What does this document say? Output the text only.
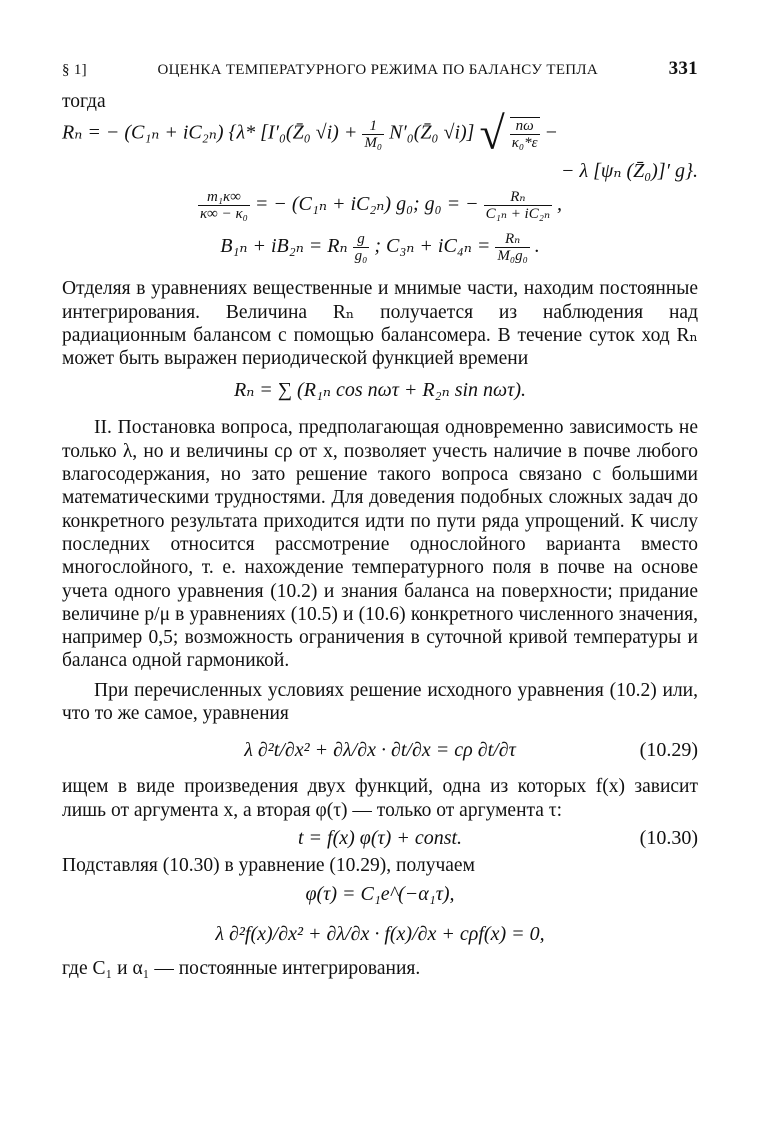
§ 1]	ОЦЕНКА ТЕМПЕРАТУРНОГО РЕЖИМА ПО БАЛАНСУ ТЕПЛА	331

тогда

Rₙ = − (C₁ₙ + iC₂ₙ) {λ* [I′₀(Z̄₀ $√i) + \frac{1}{\text{M₀}}$ N′₀(Z̄₀ √i)] √ $\frac{n\omega}{\text{κ₀*ε}}$ −

− λ [ψₙ (Z̄₀)]′ g}.

$\frac{\text{m₁κ∞}}{\text{κ∞ − κ₀}}$ = − (C₁ₙ + iC₂ₙ) g₀; g₀ = − $\frac{\text{Rₙ}}{\text{C₁ₙ + iC₂ₙ}}$ ,

B₁ₙ + iB₂ₙ = Rₙ $\frac{g}{\text{g₀}}$ ; $C_{3n} + iC_{4n} = \frac{\text{Rₙ}}{\text{M₀g₀}}$ .

Отделяя в уравнениях вещественные и мнимые части, находим постоянные интегрирования. Величина Rₙ получается из наблюдения над радиационным балансом с помощью балансомера. В течение суток ход Rₙ может быть выражен периодической функцией времени

Rₙ = ∑ (R₁ₙ cos nωτ + R₂ₙ sin nωτ).

II. Постановка вопроса, предполагающая одновременно зависимость не только λ, но и величины cρ от x, позволяет учесть наличие в почве любого влагосодержания, но зато решение такого вопроса связано с большими математическими трудностями. Для доведения подобных сложных задач до конкретного результата приходится идти по пути ряда упрощений. К числу последних относится рассмотрение однослойного варианта вместо многослойного, т. е. нахождение температурного поля в почве на основе учета одного уравнения (10.2) и знания баланса на поверхности; придание величине p/μ в уравнениях (10.5) и (10.6) конкретного численного значения, например 0,5; возможность ограничения в суточной кривой температуры и баланса одной гармоникой.

При перечисленных условиях решение исходного уравнения (10.2) или, что то же самое, уравнения

λ ∂²t/∂x² + ∂λ/∂x · ∂t/∂x = cρ ∂t/∂τ	(10.29)

ищем в виде произведения двух функций, одна из которых f(x) зависит лишь от аргумента x, а вторая φ(τ) — только от аргумента τ:

t = f(x) φ(τ) + const.	(10.30)

Подставляя (10.30) в уравнение (10.29), получаем

φ(τ) = C₁e^(−α₁τ),

λ ∂²f(x)/∂x² + ∂λ/∂x · f(x)/∂x + cρf(x) = 0,

где C₁ и α₁ — постоянные интегрирования.
